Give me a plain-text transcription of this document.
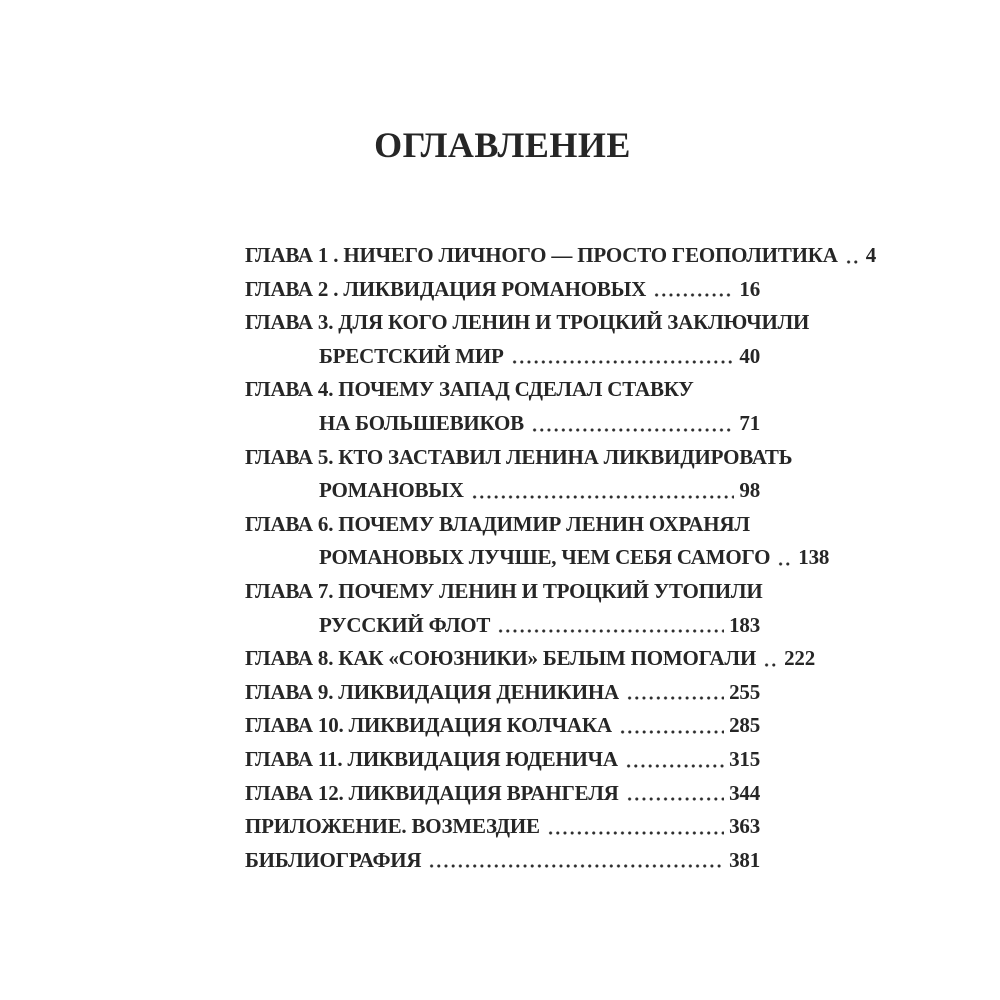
ОГЛАВЛЕНИЕ
ГЛАВА 1 . НИЧЕГО ЛИЧНОГО — ПРОСТО ГЕОПОЛИТИКА 4
ГЛАВА 2 . ЛИКВИДАЦИЯ РОМАНОВЫХ	16
ГЛАВА 3. ДЛЯ КОГО ЛЕНИН И ТРОЦКИЙ ЗАКЛЮЧИЛИ
БРЕСТСКИЙ МИР	40
ГЛАВА 4. ПОЧЕМУ ЗАПАД СДЕЛАЛ СТАВКУ
НА БОЛЬШЕВИКОВ	71
ГЛАВА 5. КТО ЗАСТАВИЛ ЛЕНИНА ЛИКВИДИРОВАТЬ
РОМАНОВЫХ	98
ГЛАВА 6. ПОЧЕМУ ВЛАДИМИР ЛЕНИН ОХРАНЯЛ
РОМАНОВЫХ ЛУЧШЕ, ЧЕМ СЕБЯ САМОГО 138
ГЛАВА 7. ПОЧЕМУ ЛЕНИН И ТРОЦКИЙ УТОПИЛИ
РУССКИЙ ФЛОТ	183
ГЛАВА 8. КАК «СОЮЗНИКИ» БЕЛЫМ ПОМОГАЛИ 222
ГЛАВА 9. ЛИКВИДАЦИЯ ДЕНИКИНА	255
ГЛАВА 10. ЛИКВИДАЦИЯ КОЛЧАКА	285
ГЛАВА 11. ЛИКВИДАЦИЯ ЮДЕНИЧА	315
ГЛАВА 12. ЛИКВИДАЦИЯ ВРАНГЕЛЯ	344
ПРИЛОЖЕНИЕ. ВОЗМЕЗДИЕ	363
БИБЛИОГРАФИЯ	381
